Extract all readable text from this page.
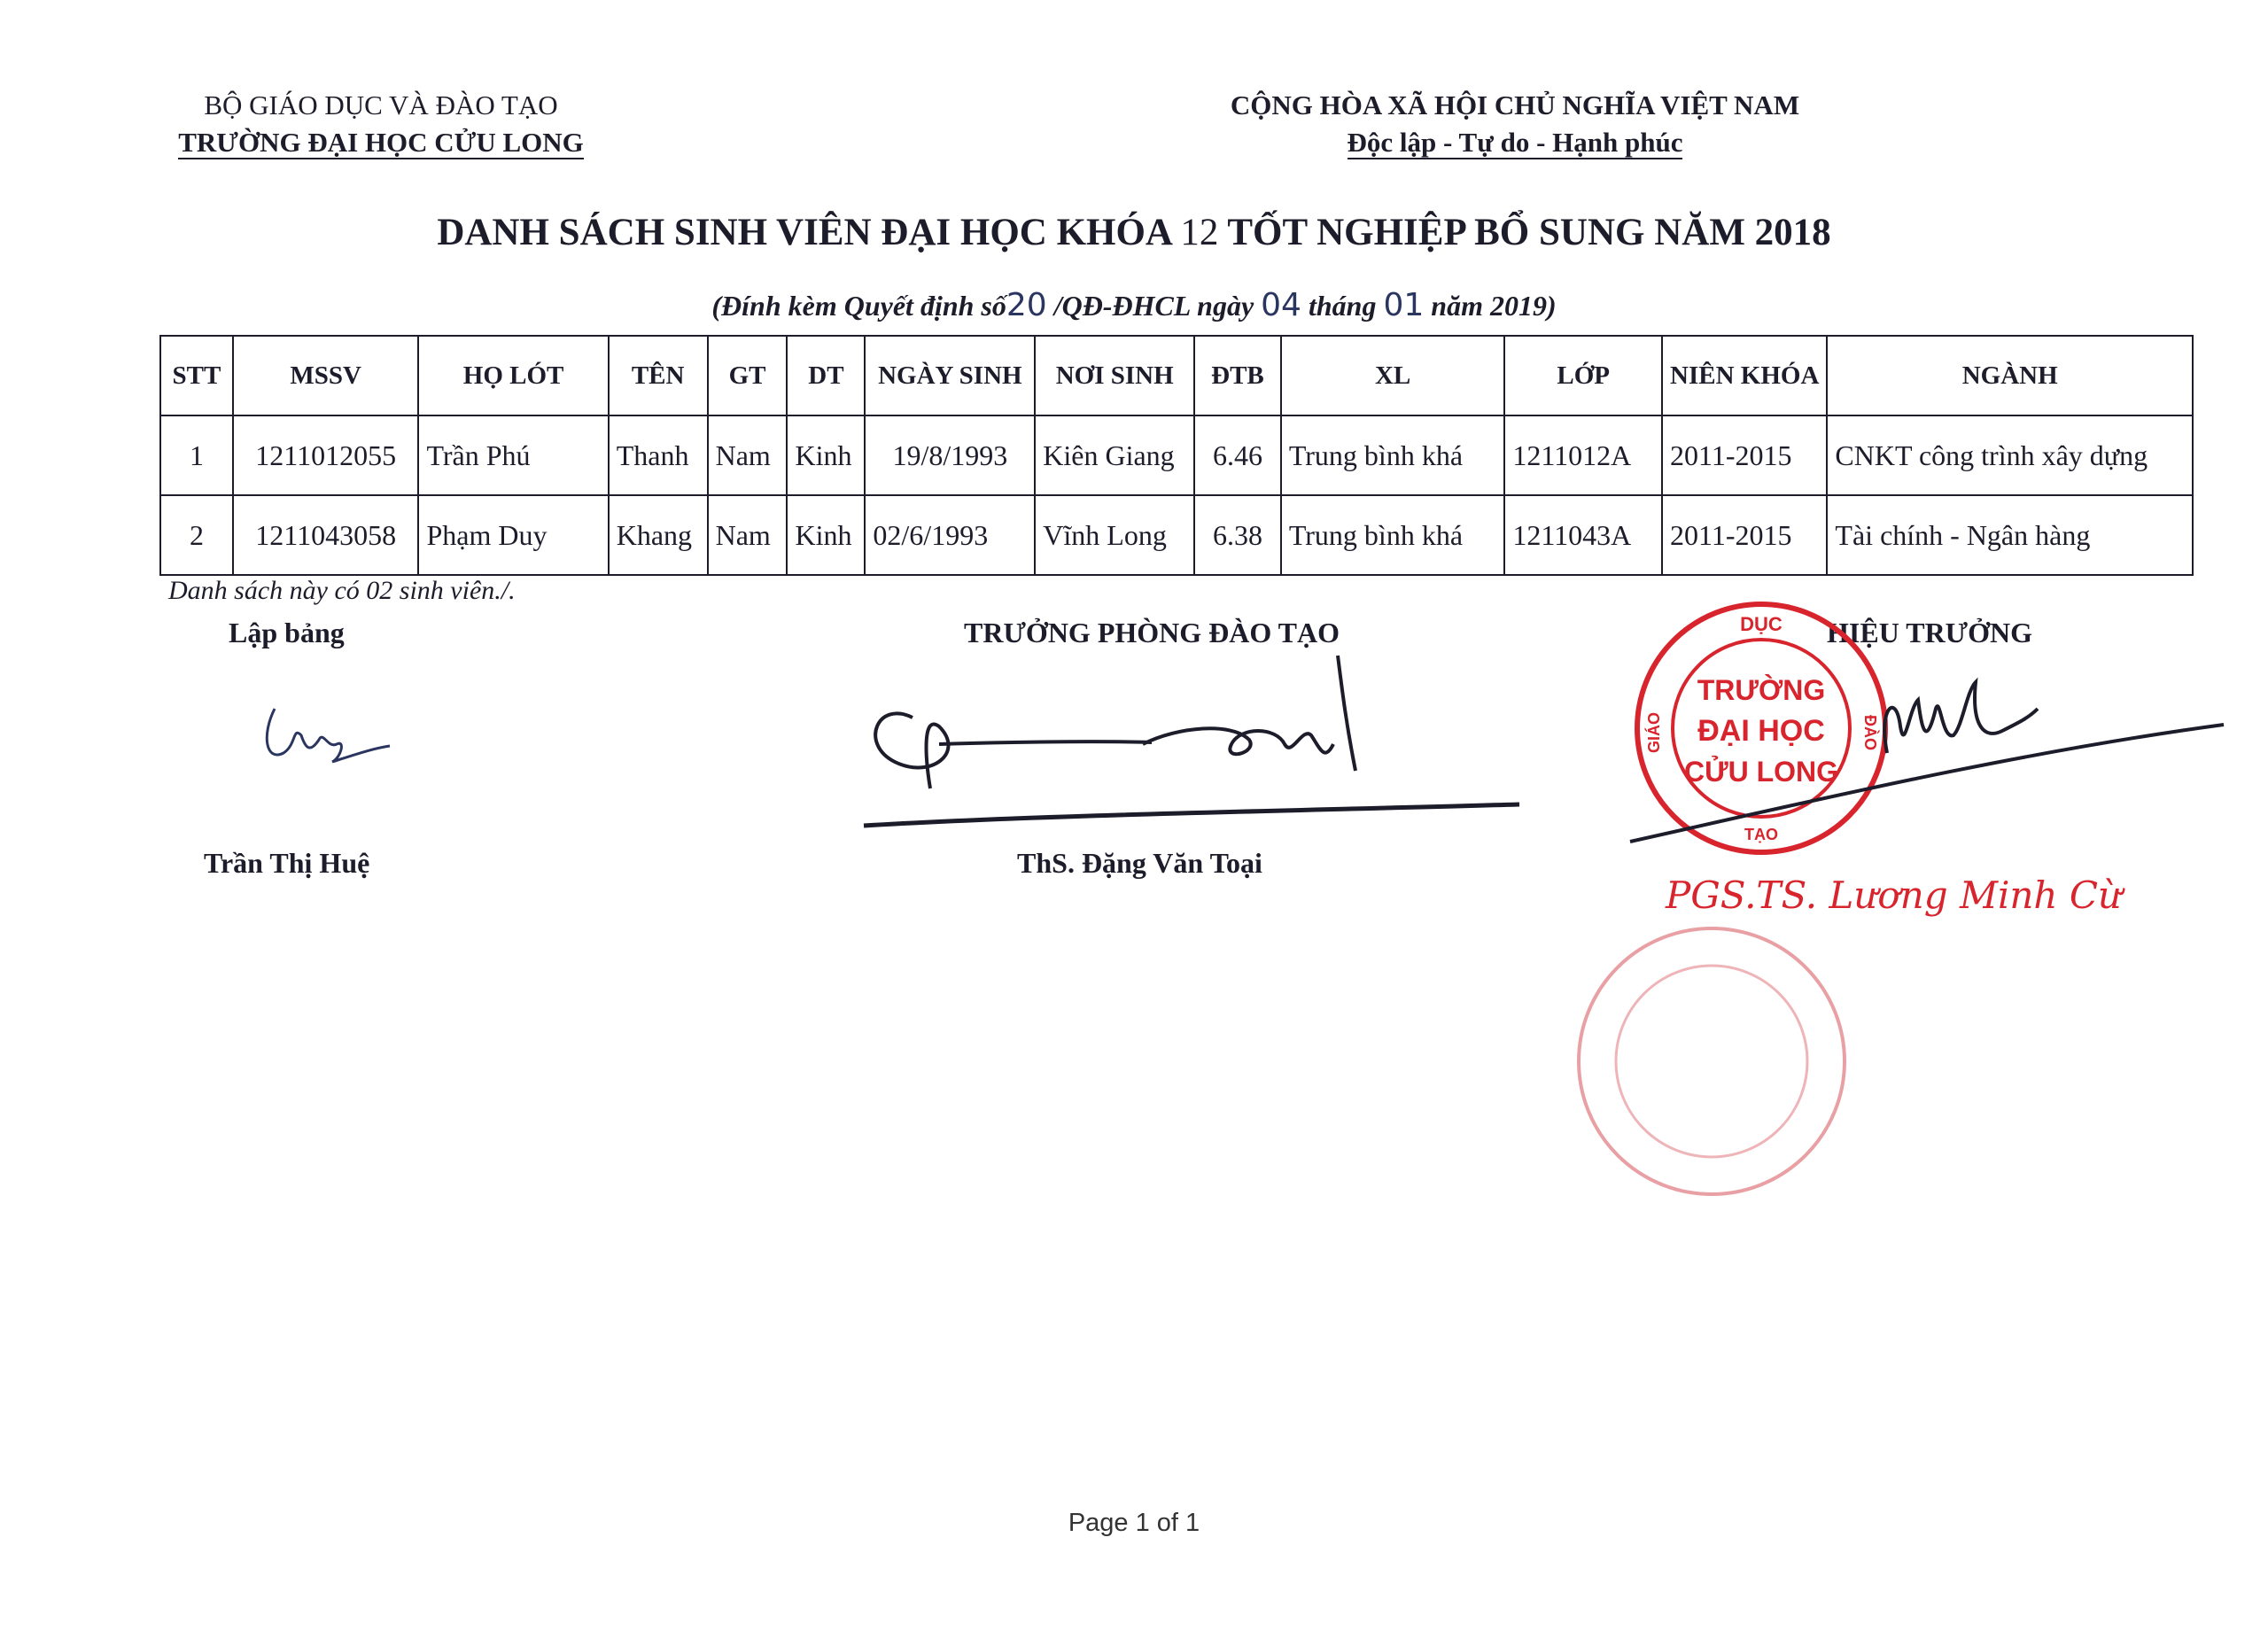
BỘ GIÁO DỤC VÀ ĐÀO TẠO
TRƯỜNG ĐẠI HỌC CỬU LONG
CỘNG HÒA XÃ HỘI CHỦ NGHĨA VIỆT NAM
Độc lập - Tự do - Hạnh phúc
DANH SÁCH SINH VIÊN ĐẠI HỌC KHÓA 12 TỐT NGHIỆP BỔ SUNG NĂM 2018
(Đính kèm Quyết định số20 /QĐ-ĐHCL ngày 04 tháng 01 năm 2019)
STT	MSSV	HỌ LÓT	TÊN	GT	DT	NGÀY SINH	NƠI SINH	ĐTB	XL	LỚP	NIÊN KHÓA	NGÀNH
1	1211012055	Trần Phú	Thanh	Nam	Kinh	19/8/1993	Kiên Giang	6.46	Trung bình khá	1211012A	2011-2015	CNKT công trình xây dựng
2	1211043058	Phạm Duy	Khang	Nam	Kinh	02/6/1993	Vĩnh Long	6.38	Trung bình khá	1211043A	2011-2015	Tài chính - Ngân hàng
Danh sách này có 02 sinh viên./.
Lập bảng	TRƯỞNG PHÒNG ĐÀO TẠO	HIỆU TRƯỞNG
DỤC
GIÁO	ĐÀO
TẠO
TRƯỜNG
ĐẠI HỌC
CỬU LONG
Trần Thị Huệ	ThS. Đặng Văn Toại
PGS.TS. Lương Minh Cừ
Page 1 of 1
